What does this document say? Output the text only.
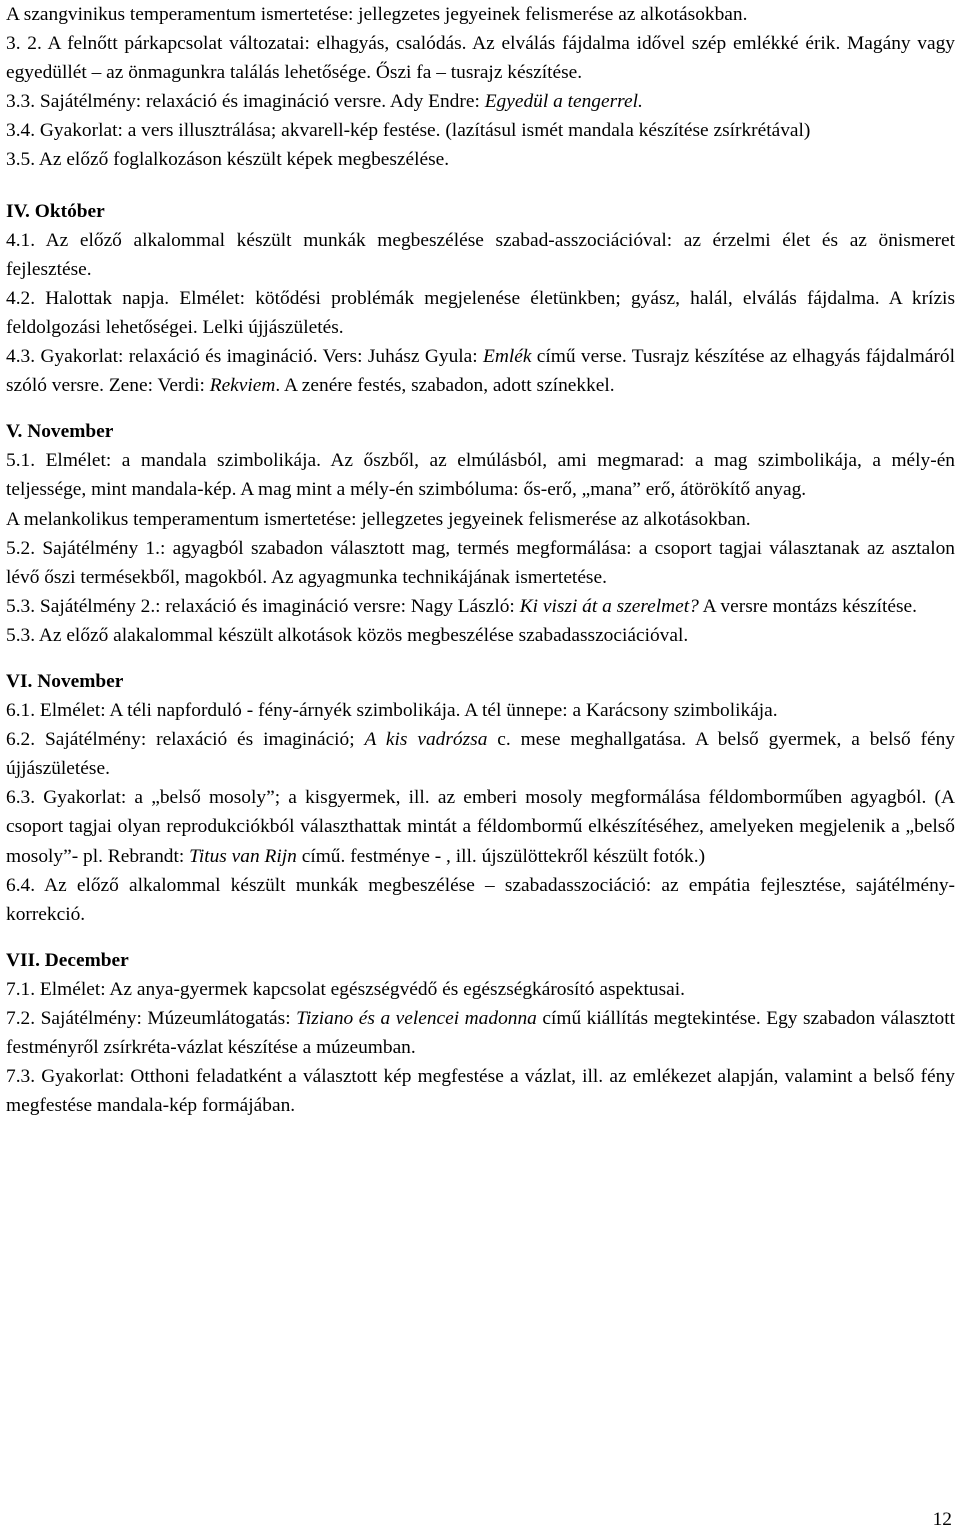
A szangvinikus temperamentum ismertetése: jellegzetes jegyeinek felismerése az alkotásokban.

3. 2. A felnőtt párkapcsolat változatai: elhagyás, csalódás. Az elválás fájdalma idővel szép emlékké érik. Magány vagy egyedüllét – az önmagunkra találás lehetősége. Őszi fa – tusrajz készítése.

3.3. Sajátélmény: relaxáció és imagináció versre. Ady Endre: Egyedül a tengerrel.

3.4. Gyakorlat: a vers illusztrálása; akvarell-kép festése. (lazításul ismét mandala készítése zsírkrétával)

3.5. Az előző foglalkozáson készült képek megbeszélése.

IV. Október

4.1. Az előző alkalommal készült munkák megbeszélése szabad-asszociációval: az érzelmi élet és az önismeret fejlesztése.

4.2. Halottak napja. Elmélet: kötődési problémák megjelenése életünkben; gyász, halál, elválás fájdalma. A krízis feldolgozási lehetőségei. Lelki újjászületés.

4.3. Gyakorlat: relaxáció és imagináció. Vers: Juhász Gyula: Emlék című verse. Tusrajz készítése az elhagyás fájdalmáról szóló versre. Zene: Verdi: Rekviem. A zenére festés, szabadon, adott színekkel.

V. November

5.1. Elmélet: a mandala szimbolikája. Az őszből, az elmúlásból, ami megmarad: a mag szimbolikája, a mély-én teljessége, mint mandala-kép. A mag mint a mély-én szimbóluma: ős-erő, „mana” erő, átörökítő anyag.

A melankolikus temperamentum ismertetése: jellegzetes jegyeinek felismerése az alkotásokban.

5.2. Sajátélmény 1.: agyagból szabadon választott mag, termés megformálása: a csoport tagjai választanak az asztalon lévő őszi termésekből, magokból. Az agyagmunka technikájának ismertetése.

5.3. Sajátélmény 2.: relaxáció és imagináció versre: Nagy László: Ki viszi át a szerelmet? A versre montázs készítése.

5.3. Az előző alakalommal készült alkotások közös megbeszélése szabadasszociációval.

VI. November

6.1. Elmélet: A téli napforduló - fény-árnyék szimbolikája. A tél ünnepe: a Karácsony szimbolikája.

6.2. Sajátélmény: relaxáció és imagináció; A kis vadrózsa c. mese meghallgatása. A belső gyermek, a belső fény újjászületése.

6.3. Gyakorlat: a „belső mosoly”; a kisgyermek, ill. az emberi mosoly megformálása féldomborműben agyagból. (A csoport tagjai olyan reprodukciókból választhattak mintát a féldombormű elkészítéséhez, amelyeken megjelenik a „belső mosoly”- pl. Rebrandt: Titus van Rijn című. festménye - , ill. újszülöttekről készült fotók.)

6.4. Az előző alkalommal készült munkák megbeszélése – szabadasszociáció: az empátia fejlesztése, sajátélmény-korrekció.

VII. December

7.1. Elmélet: Az anya-gyermek kapcsolat egészségvédő és egészségkárosító aspektusai.

7.2. Sajátélmény: Múzeumlátogatás: Tiziano és a velencei madonna című kiállítás megtekintése. Egy szabadon választott festményről zsírkréta-vázlat készítése a múzeumban.

7.3. Gyakorlat: Otthoni feladatként a választott kép megfestése a vázlat, ill. az emlékezet alapján, valamint a belső fény megfestése mandala-kép formájában.

12
